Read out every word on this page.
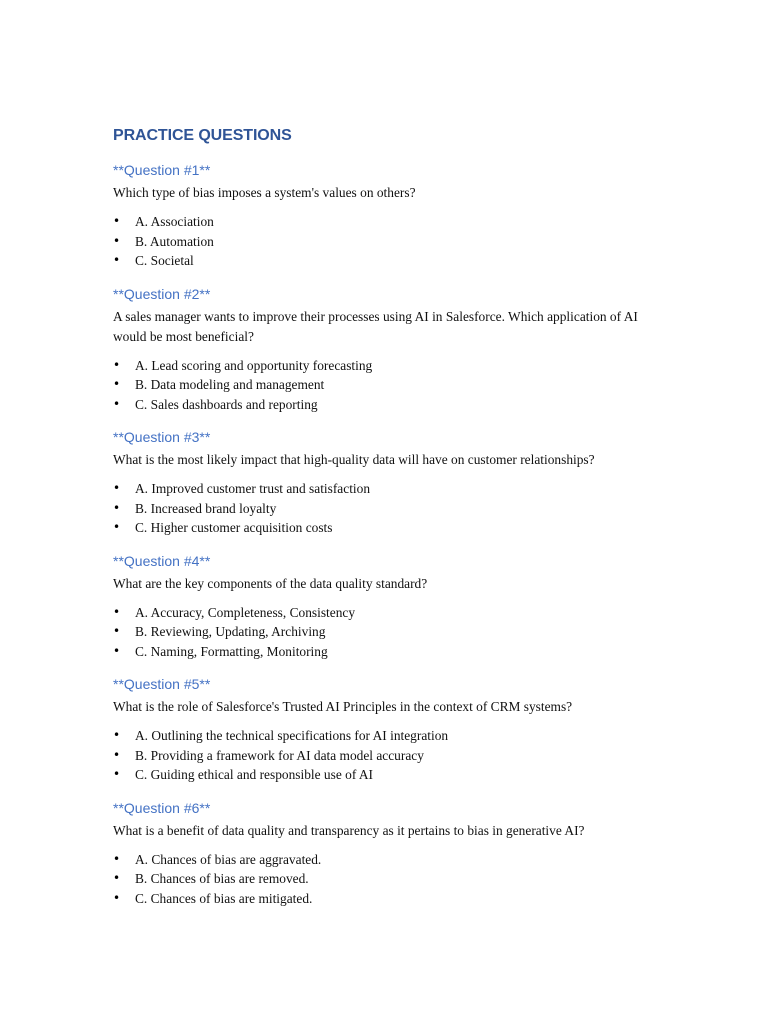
PRACTICE QUESTIONS
**Question #1**

Which type of bias imposes a system's values on others?

• A. Association
• B. Automation
• C. Societal
**Question #2**

A sales manager wants to improve their processes using AI in Salesforce. Which application of AI would be most beneficial?

• A. Lead scoring and opportunity forecasting
• B. Data modeling and management
• C. Sales dashboards and reporting
**Question #3**

What is the most likely impact that high-quality data will have on customer relationships?

• A. Improved customer trust and satisfaction
• B. Increased brand loyalty
• C. Higher customer acquisition costs
**Question #4**

What are the key components of the data quality standard?

• A. Accuracy, Completeness, Consistency
• B. Reviewing, Updating, Archiving
• C. Naming, Formatting, Monitoring
**Question #5**

What is the role of Salesforce's Trusted AI Principles in the context of CRM systems?

• A. Outlining the technical specifications for AI integration
• B. Providing a framework for AI data model accuracy
• C. Guiding ethical and responsible use of AI
**Question #6**

What is a benefit of data quality and transparency as it pertains to bias in generative AI?

• A. Chances of bias are aggravated.
• B. Chances of bias are removed.
• C. Chances of bias are mitigated.
